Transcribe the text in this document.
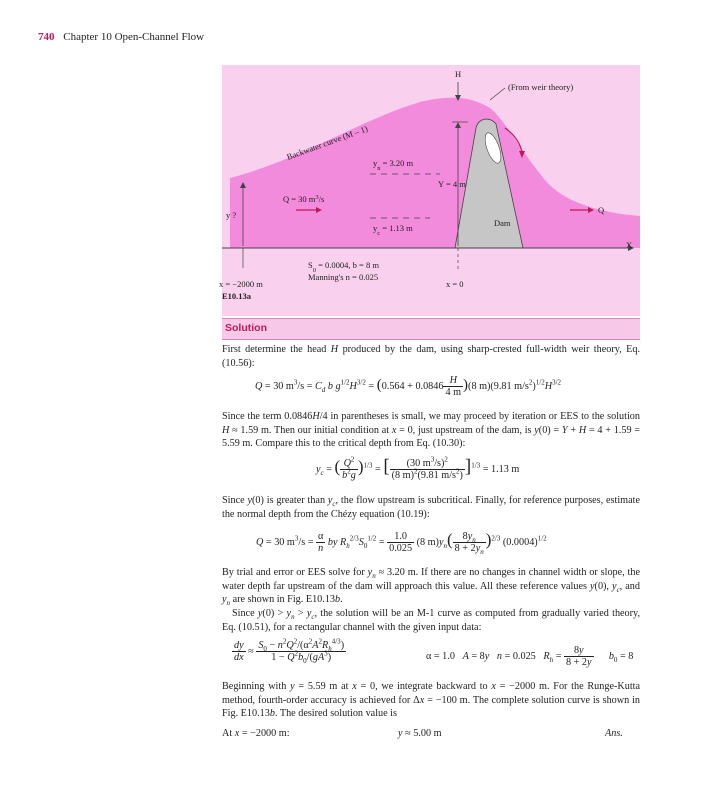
740 Chapter 10 Open-Channel Flow
H
(From weir theory)
Backwater curve (M – 1)
$y_n = 3.20$ m
Y = 4 m
Q = 30 $m^3/s$
y ?
$y_c = 1.13$ m	Dam
Q
X
$S_0 = 0.0004$, b = 8 m
Manning's n = 0.025
x = −2000 m	x = 0
E10.13a
Solution
First determine the head H produced by the dam, using sharp-crested full-width weir theory, Eq. (10.56):
Q = 30 $m^3/s = C_d$ b $g^{1/2}H^{3/2} = (0.564 + 0.0846 \frac{H}{4 m} )(8$ m)(9.81 $m/s^2)^{1/2}H^{3/2}$
Since the term 0.0846H/4 in parentheses is small, we may proceed by iteration or EES to the solution H ≈ 1.59 m. Then our initial condition at x = 0, just upstream of the dam, is y(0) = Y + H = 4 + 1.59 = 5.59 m. Compare this to the critical depth from Eq. (10.30):
$y_c$ = ( $\frac{Q^2}{b^2g} )^{1/3}$ = [ $\frac{(30 m^3/s)^2}{(8 m)^2(9.81 m/s^2)} ]^{1/3} = 1.13$ m
Since y(0) is greater than $y_c$, the flow upstream is subcritical. Finally, for reference purposes, estimate the normal depth from the Chézy equation (10.19):
Q = 30 $m^3/s = \frac{\alpha}{n}$ by $R_h^{2/3}S_0^{1/2} = \frac{1.0}{0.025} (8$ $m)y_n( \frac{8y_n}{8 + 2y_n} )^{2/3}$ $(0.0004)^{1/2}$
By trial and error or EES solve for $y_n \approx 3.20$ m. If there are no changes in channel width or slope, the water depth far upstream of the dam will approach this value. All these reference values y(0), $y_c$, and $y_n$ are shown in Fig. E10.13b.
Since $y(0) > y_n > y_c$, the solution will be an M-1 curve as computed from gradually varied theory, Eq. (10.51), for a rectangular channel with the given input data:
$\frac{dy}{dx} \approx \frac{S_0 - n^2Q^2/(\alpha^2A^2R_h^{4/3})}{1 - Q^2b_0/(gA^3)}$	α = 1.0   A = 8y n = 0.025   $R_h = \frac{8y}{8 + 2y} b_0 = 8$
Beginning with y = 5.59 m at x = 0, we integrate backward to x = −2000 m. For the Runge-Kutta method, fourth-order accuracy is achieved for Δx = −100 m. The complete solution curve is shown in Fig. E10.13b. The desired solution value is
At x = −2000 m:	y ≈ 5.00 m	Ans.
